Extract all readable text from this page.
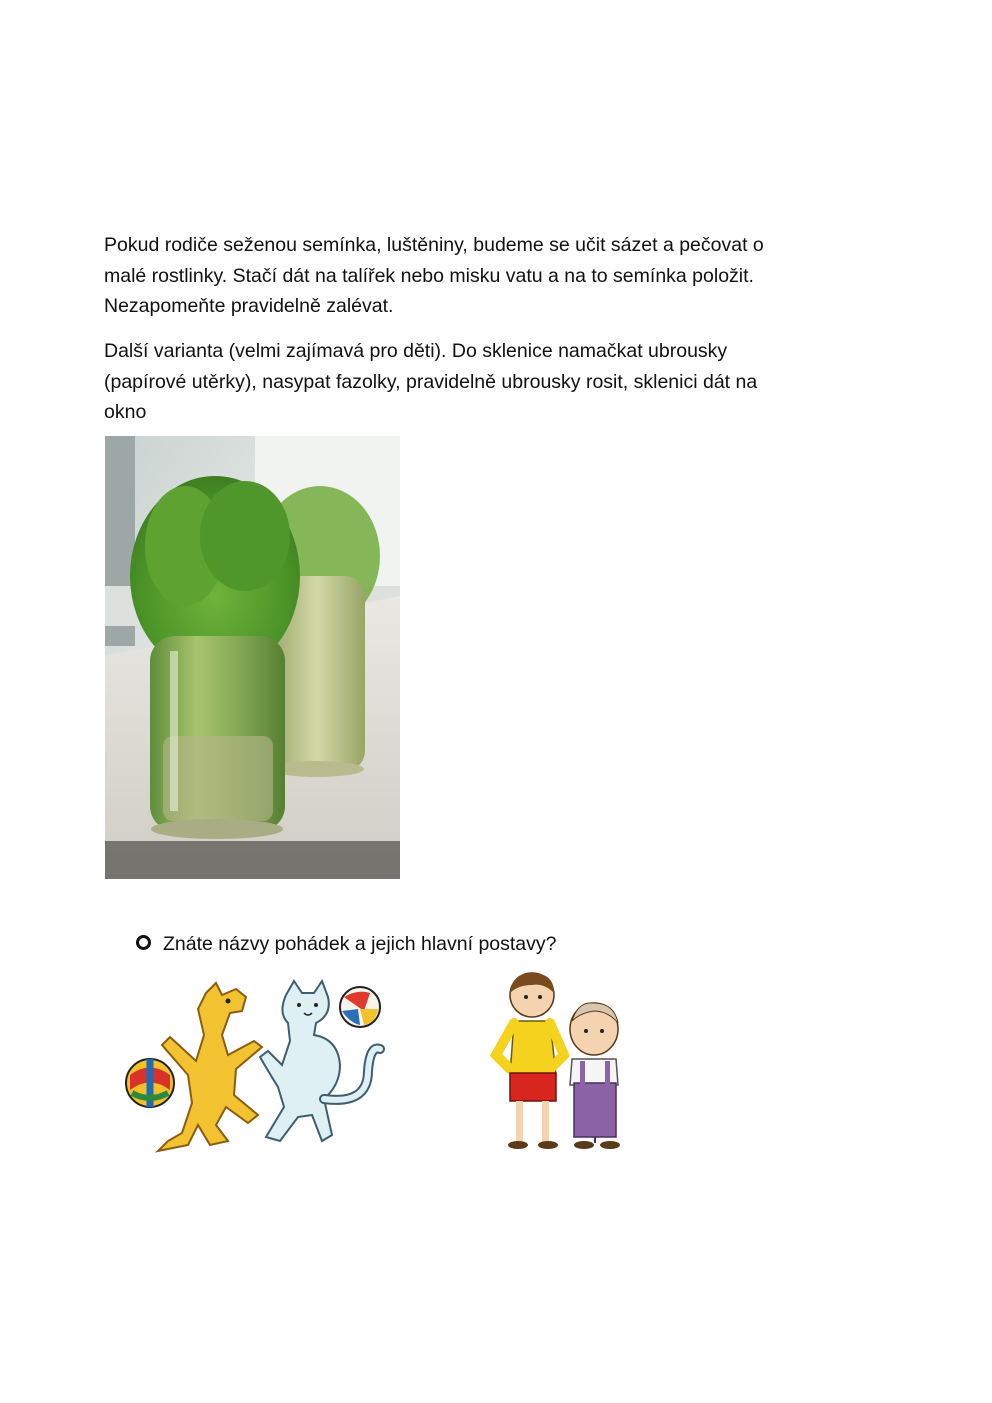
Pokud rodiče seženou semínka, luštěniny, budeme se učit sázet a pečovat o
malé rostlinky. Stačí dát na talířek nebo misku vatu a na to semínka položit.
Nezapomeňte pravidelně zalévat.

Další varianta (velmi zajímavá pro děti). Do sklenice namačkat ubrousky
(papírové utěrky), nasypat fazolky, pravidelně ubrousky rosit, sklenici dát na
okno

Znáte názvy pohádek a jejich hlavní postavy?
